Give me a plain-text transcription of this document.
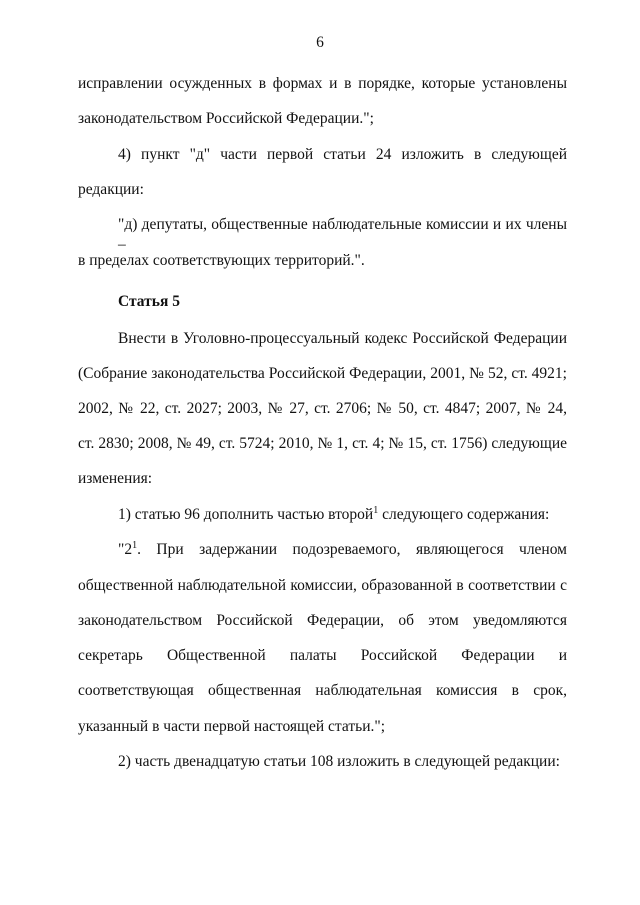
6
исправлении осужденных в формах и в порядке, которые установлены
законодательством Российской Федерации.";
4) пункт "д" части первой статьи 24 изложить в следующей
редакции:
"д) депутаты, общественные наблюдательные комиссии и их члены –
в пределах соответствующих территорий.".
Статья 5
Внести в Уголовно-процессуальный кодекс Российской Федерации
(Собрание законодательства Российской Федерации, 2001, № 52, ст. 4921;
2002, № 22, ст. 2027; 2003, № 27, ст. 2706; № 50, ст. 4847; 2007, № 24,
ст. 2830; 2008, № 49, ст. 5724; 2010, № 1, ст. 4; № 15, ст. 1756) следующие
изменения:
1) статью 96 дополнить частью второй$^1$ следующего содержания:
"$2^1$. При задержании подозреваемого, являющегося членом
общественной наблюдательной комиссии, образованной в соответствии с
законодательством Российской Федерации, об этом уведомляются
секретарь Общественной палаты Российской Федерации и
соответствующая общественная наблюдательная комиссия в срок,
указанный в части первой настоящей статьи.";
2) часть двенадцатую статьи 108 изложить в следующей редакции:
